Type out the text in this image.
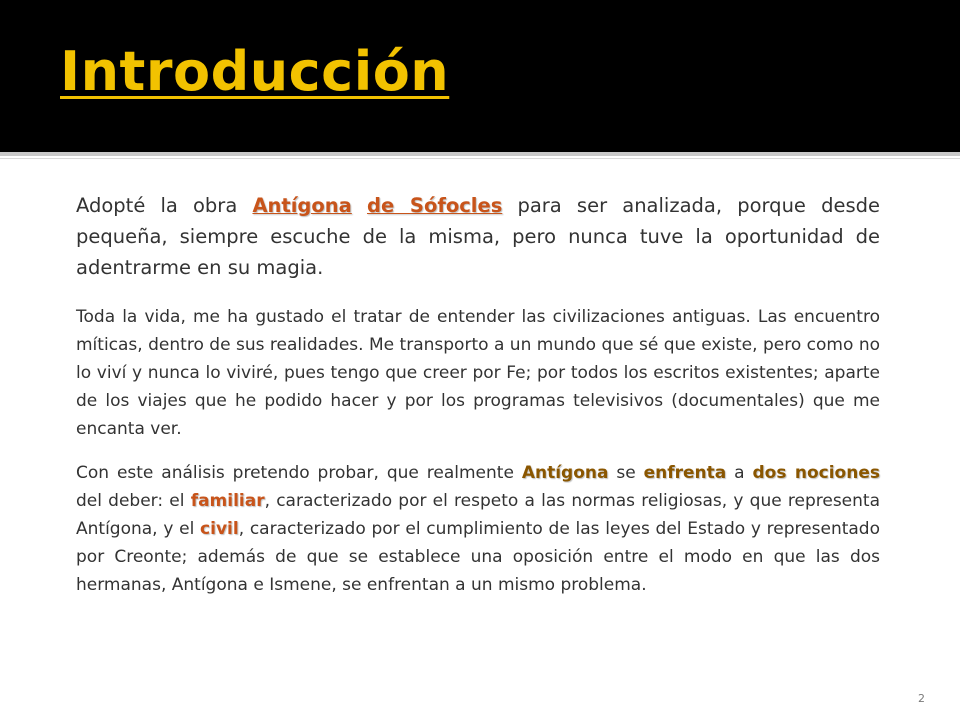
Introducción

Adopté la obra Antígona de Sófocles para ser analizada, porque desde pequeña, siempre escuche de la misma, pero nunca tuve la oportunidad de adentrarme en su magia.

Toda la vida, me ha gustado el tratar de entender las civilizaciones antiguas. Las encuentro míticas, dentro de sus realidades. Me transporto a un mundo que sé que existe, pero como no lo viví y nunca lo viviré, pues tengo que creer por Fe; por todos los escritos existentes; aparte de los viajes que he podido hacer y por los programas televisivos (documentales) que me encanta ver.

Con este análisis pretendo probar, que realmente Antígona se enfrenta a dos nociones del deber: el familiar, caracterizado por el respeto a las normas religiosas, y que representa Antígona, y el civil, caracterizado por el cumplimiento de las leyes del Estado y representado por Creonte; además de que se establece una oposición entre el modo en que las dos hermanas, Antígona e Ismene, se enfrentan a un mismo problema.

2
